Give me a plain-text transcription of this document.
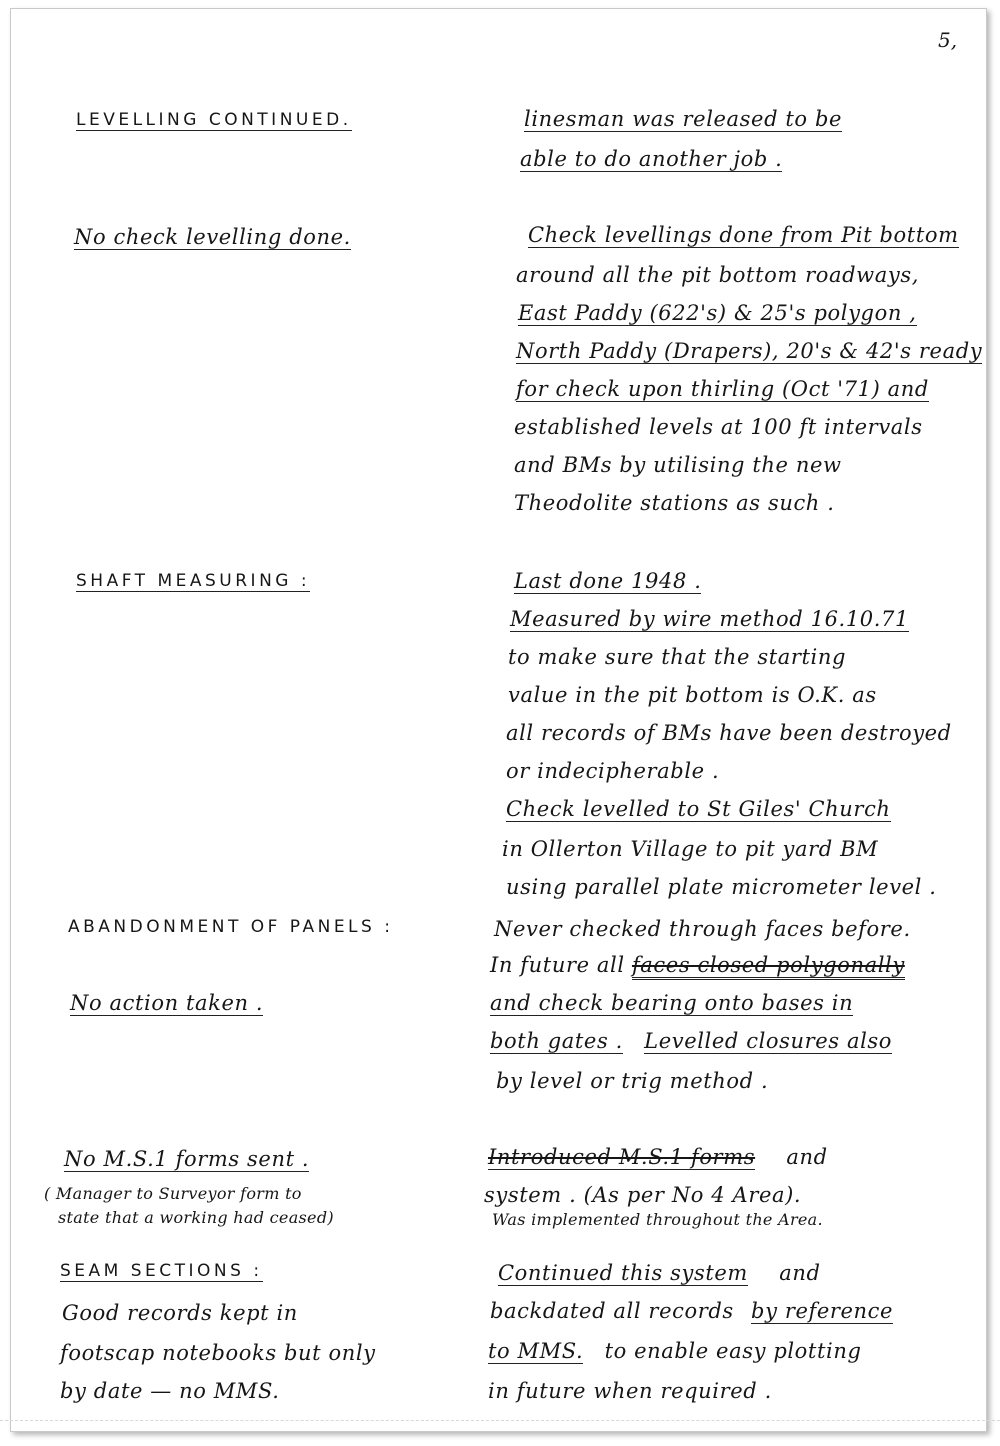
5,
LEVELLING CONTINUED.
No check levelling done.
SHAFT MEASURING :
ABANDONMENT OF PANELS :
No action taken .
No M.S.1 forms sent .
( Manager to Surveyor form to
state that a working had ceased)
SEAM SECTIONS :
Good records kept in
footscap notebooks but only
by date — no MMS.
linesman was released to be
able to do another job .
Check levellings done from Pit bottom
around all the pit bottom roadways,
East Paddy (622's) & 25's polygon ,
North Paddy (Drapers), 20's & 42's ready
for check upon thirling (Oct '71) and
established levels at 100 ft intervals
and BMs by utilising the new
Theodolite stations as such .
Last done 1948 .
Measured by wire method 16.10.71
to make sure that the starting
value in the pit bottom is O.K. as
all records of BMs have been destroyed
or indecipherable .
Check levelled to St Giles' Church
in Ollerton Village to pit yard BM
using parallel plate micrometer level .
Never checked through faces before.
In future all faces closed polygonally
and check bearing onto bases in
both gates . Levelled closures also
by level or trig method .
Introduced M.S.1 forms and
system . (As per No 4 Area).
Was implemented throughout the Area.
Continued this system and
backdated all records by reference
to MMS. to enable easy plotting
in future when required .
